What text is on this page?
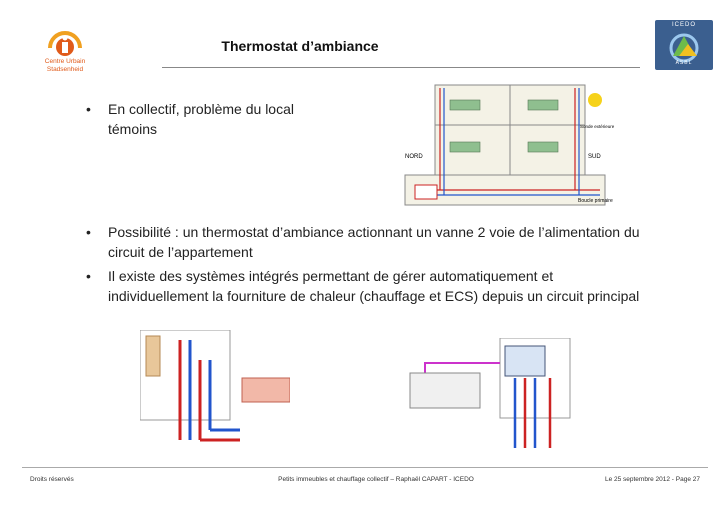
Centre Urbain
Stadsenheid
Thermostat d’ambiance
ICEDO
ASBL
• En collectif, problème du local témoins
NORD	SUD
Sonde extérieure
Boucle primaire
• Possibilité : un thermostat d’ambiance actionnant un vanne 2 voie de l’alimentation du circuit de l’appartement
• Il existe des systèmes intégrés permettant de gérer automatiquement et individuellement la fourniture de chaleur (chauffage et ECS) depuis un circuit principal
Droits réservés	Petits immeubles et chauffage collectif – Raphaël CAPART - ICEDO	Le 25 septembre 2012 - Page 27
